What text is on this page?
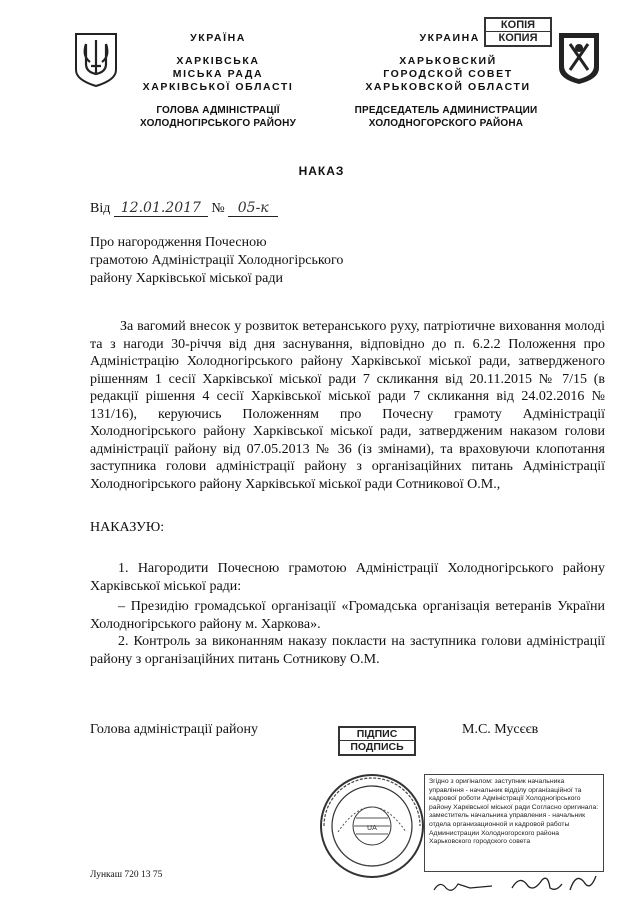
УКРАЇНА
ХАРКІВСЬКА
МІСЬКА РАДА
ХАРКІВСЬКОЇ ОБЛАСТІ
ГОЛОВА АДМІНІСТРАЦІЇ
ХОЛОДНОГІРСЬКОГО РАЙОНУ
УКРАИНА
ХАРЬКОВСКИЙ
ГОРОДСКОЙ СОВЕТ
ХАРЬКОВСКОЙ ОБЛАСТИ
ПРЕДСЕДАТЕЛЬ АДМИНИСТРАЦИИ
ХОЛОДНОГОРСКОГО РАЙОНА
КОПІЯ
КОПИЯ
НАКАЗ
Від 12.01.2017 № 05-к
Про нагородження Почесною
грамотою Адміністрації Холодногірського
району Харківської міської ради
За вагомий внесок у розвиток ветеранського руху, патріотичне виховання молоді та з нагоди 30-річчя від дня заснування, відповідно до п. 6.2.2 Положення про Адміністрацію Холодногірського району Харківської міської ради, затвердженого рішенням 1 сесії Харківської міської ради 7 скликання від 20.11.2015 № 7/15 (в редакції рішення 4 сесії Харківської міської ради 7 скликання від 24.02.2016 № 131/16), керуючись Положенням про Почесну грамоту Адміністрації Холодногірського району Харківської міської ради, затвердженим наказом голови адміністрації району від 07.05.2013 № 36 (із змінами), та враховуючи клопотання заступника голови адміністрації району з організаційних питань Адміністрації Холодногірського району Харківської міської ради Сотникової О.М.,
НАКАЗУЮ:
1. Нагородити Почесною грамотою Адміністрації Холодногірського району Харківської міської ради:
– Президію громадської організації «Громадська організація ветеранів України Холодногірського району м. Харкова».
2. Контроль за виконанням наказу покласти на заступника голови адміністрації району з організаційних питань Сотникову О.М.
Голова адміністрації району	ПІДПИС
ПОДПИСЬ
М.С. Мусєєв
UA
Згідно з оригіналом: заступник начальника управління - начальник відділу організаційної та кадрової роботи Адміністрації Холодногірського району Харківської міської ради Согласно оригинала: заместитель начальника управления - начальник отдела организационной и кадровой работы Администрации Холодногорского района Харьковского городского совета
Лункаш 720 13 75
